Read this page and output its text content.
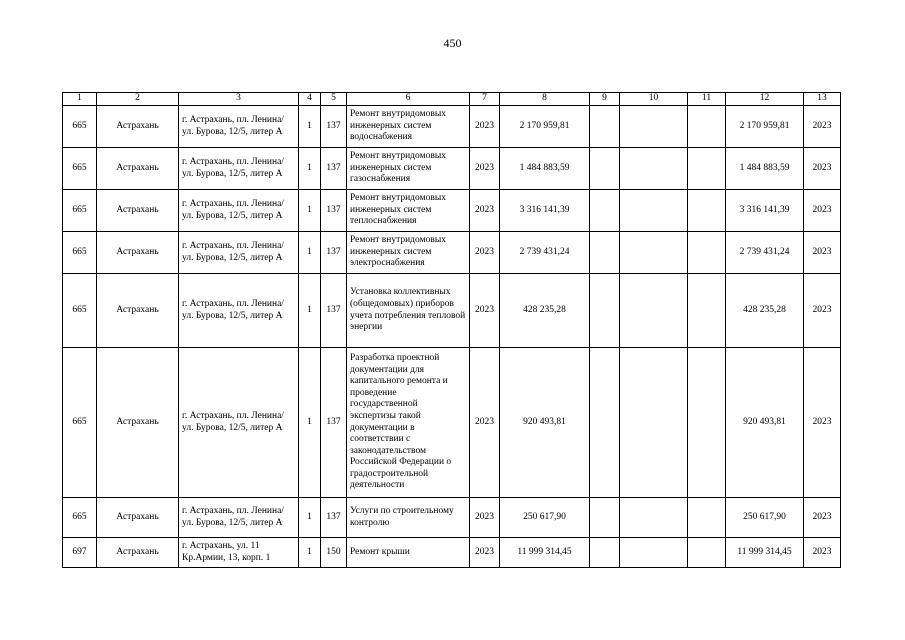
450
1	2	3	4	5	6	7	8	9	10	11	12	13
665	Астрахань	г. Астрахань, пл. Ленина/ ул. Бурова, 12/5, литер А	1	137	Ремонт внутридомовых инженерных систем водоснабжения	2023	2 170 959,81				2 170 959,81	2023
665	Астрахань	г. Астрахань, пл. Ленина/ ул. Бурова, 12/5, литер А	1	137	Ремонт внутридомовых инженерных систем газоснабжения	2023	1 484 883,59				1 484 883,59	2023
665	Астрахань	г. Астрахань, пл. Ленина/ ул. Бурова, 12/5, литер А	1	137	Ремонт внутридомовых инженерных систем теплоснабжения	2023	3 316 141,39				3 316 141,39	2023
665	Астрахань	г. Астрахань, пл. Ленина/ ул. Бурова, 12/5, литер А	1	137	Ремонт внутридомовых инженерных систем электроснабжения	2023	2 739 431,24				2 739 431,24	2023
665	Астрахань	г. Астрахань, пл. Ленина/ ул. Бурова, 12/5, литер А	1	137	Установка коллективных (общедомовых) приборов учета потребления тепловой энергии	2023	428 235,28				428 235,28	2023
665	Астрахань	г. Астрахань, пл. Ленина/ ул. Бурова, 12/5, литер А	1	137	Разработка проектной документации для капитального ремонта и проведение государственной экспертизы такой документации в соответствии с законодательством Российской Федерации о градостроительной деятельности	2023	920 493,81				920 493,81	2023
665	Астрахань	г. Астрахань, пл. Ленина/ ул. Бурова, 12/5, литер А	1	137	Услуги по строительному контролю	2023	250 617,90				250 617,90	2023
697	Астрахань	г. Астрахань, ул. 11 Кр.Армии, 13, корп. 1	1	150	Ремонт крыши	2023	11 999 314,45				11 999 314,45	2023
